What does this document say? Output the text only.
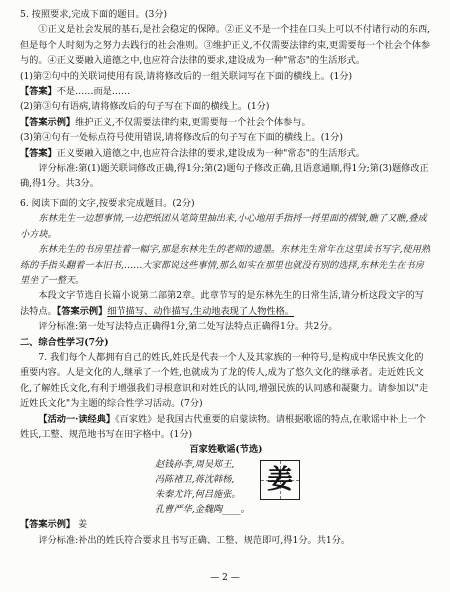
5. 按照要求,完成下面的题目。(3分)

①正义是社会发展的基石,是社会稳定的保障。②正义不是一个挂在口头上可以不付诸行动的东西,但是每个人时刻为之努力去践行的社会准则。③维护正义,不仅需要法律约束,更需要每一个社会个体参与的。④正义要融入道德之中,也应符合法律的要求,建设成为一种"常态"的生活形式。

(1)第②句中的关联词使用有误,请将修改后的一组关联词写在下面的横线上。(1分)

【答案】不是……而是……

(2)第③句有语病,请将修改后的句子写在下面的横线上。(1分)

【答案示例】维护正义,不仅需要法律约束,更需要每一个社会个体参与。

(3)第④句有一处标点符号使用错误,请将修改后的句子写在下面的横线上。(1分)

【答案】正义要融入道德之中,也应符合法律的要求,建设成为一种"常态"的生活形式。

评分标准:第(1)题关联词修改正确,得1分;第(2)题句子修改正确,且语意通顺,得1分;第(3)题修改正确,得1分。共3分。

6. 阅读下面的文字,按要求完成题目。(2分)

东林先生一边想事情,一边把纸团从笔筒里抽出来,小心地用手指捋一捋里面的褶皱,瞧了又瞧,叠成小方块。

东林先生的书房里挂着一幅字,那是东林先生的老师的遗墨。东林先生常年在这里读书写字,使用熟练的手指头翻着一本旧书,……大家都说这些事情,那么如实在那里也就没有别的选择,东林先生在书房里坐了一整天。

本段文字节选自长篇小说第二部第2章。此章节写的是东林先生的日常生活,请分析这段文字的写法特点。【答案示例】细节描写、动作描写,生动地表现了人物性格。

评分标准:第一处写法特点正确得1分,第二处写法特点正确得1分。共2分。

二、综合性学习(7分)

7. 我们每个人都拥有自己的姓氏,姓氏是代表一个人及其家族的一种符号,是构成中华民族文化的重要内容。人是文化的人,继承了一个姓,也就成为了龙的传人,成为了悠久文化的继承者。走近姓氏文化,了解姓氏文化,有利于增强我们寻根意识和对姓氏的认同,增强民族的认同感和凝聚力。请参加以"走近姓氏文化"为主题的综合性学习活动。(7分)

【活动一·读经典】《百家姓》是我国古代重要的启蒙读物。请根据歌谣的特点,在歌谣中补上一个姓氏,工整、规范地书写在田字格中。(1分)

百家姓歌谣(节选)
赵钱孙李,周吴郑王,
冯陈褚卫,蒋沈韩杨,
朱秦尤许,何吕施张。
孔曹严华,金魏陶____。
姜

【答案示例】 姜

评分标准:补出的姓氏符合要求且书写正确、工整、规范即可,得1分。共1分。

— 2 —
